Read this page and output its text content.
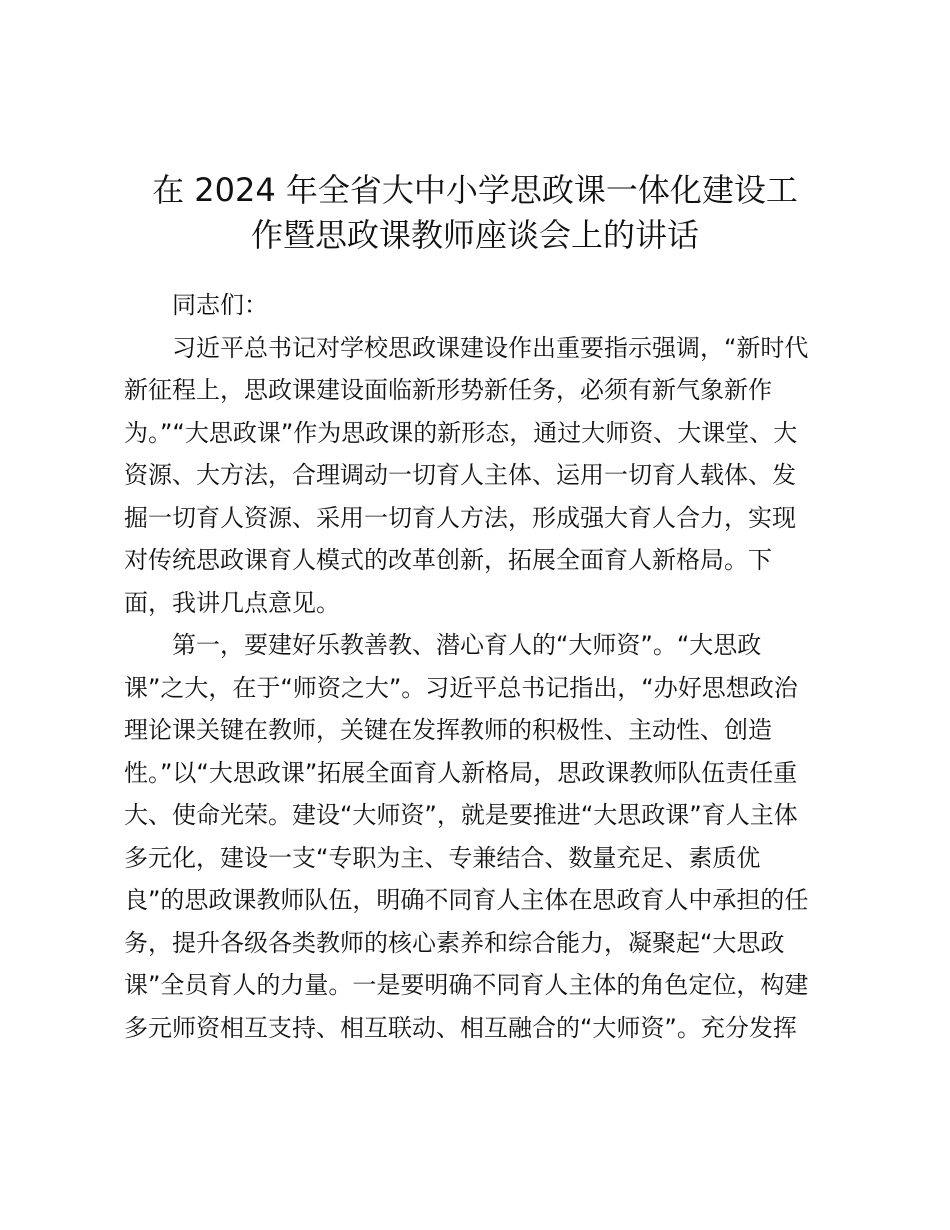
在 2024 年全省大中小学思政课一体化建设工
作暨思政课教师座谈会上的讲话
同志们：
习近平总书记对学校思政课建设作出重要指示强调，“新时代
新征程上，思政课建设面临新形势新任务，必须有新气象新作
为。”“大思政课”作为思政课的新形态，通过大师资、大课堂、大
资源、大方法，合理调动一切育人主体、运用一切育人载体、发
掘一切育人资源、采用一切育人方法，形成强大育人合力，实现
对传统思政课育人模式的改革创新，拓展全面育人新格局。下
面，我讲几点意见。
第一，要建好乐教善教、潜心育人的“大师资”。“大思政
课”之大，在于“师资之大”。习近平总书记指出，“办好思想政治
理论课关键在教师，关键在发挥教师的积极性、主动性、创造
性。”以“大思政课”拓展全面育人新格局，思政课教师队伍责任重
大、使命光荣。建设“大师资”，就是要推进“大思政课”育人主体
多元化，建设一支“专职为主、专兼结合、数量充足、素质优
良”的思政课教师队伍，明确不同育人主体在思政育人中承担的任
务，提升各级各类教师的核心素养和综合能力，凝聚起“大思政
课”全员育人的力量。一是要明确不同育人主体的角色定位，构建
多元师资相互支持、相互联动、相互融合的“大师资”。充分发挥
